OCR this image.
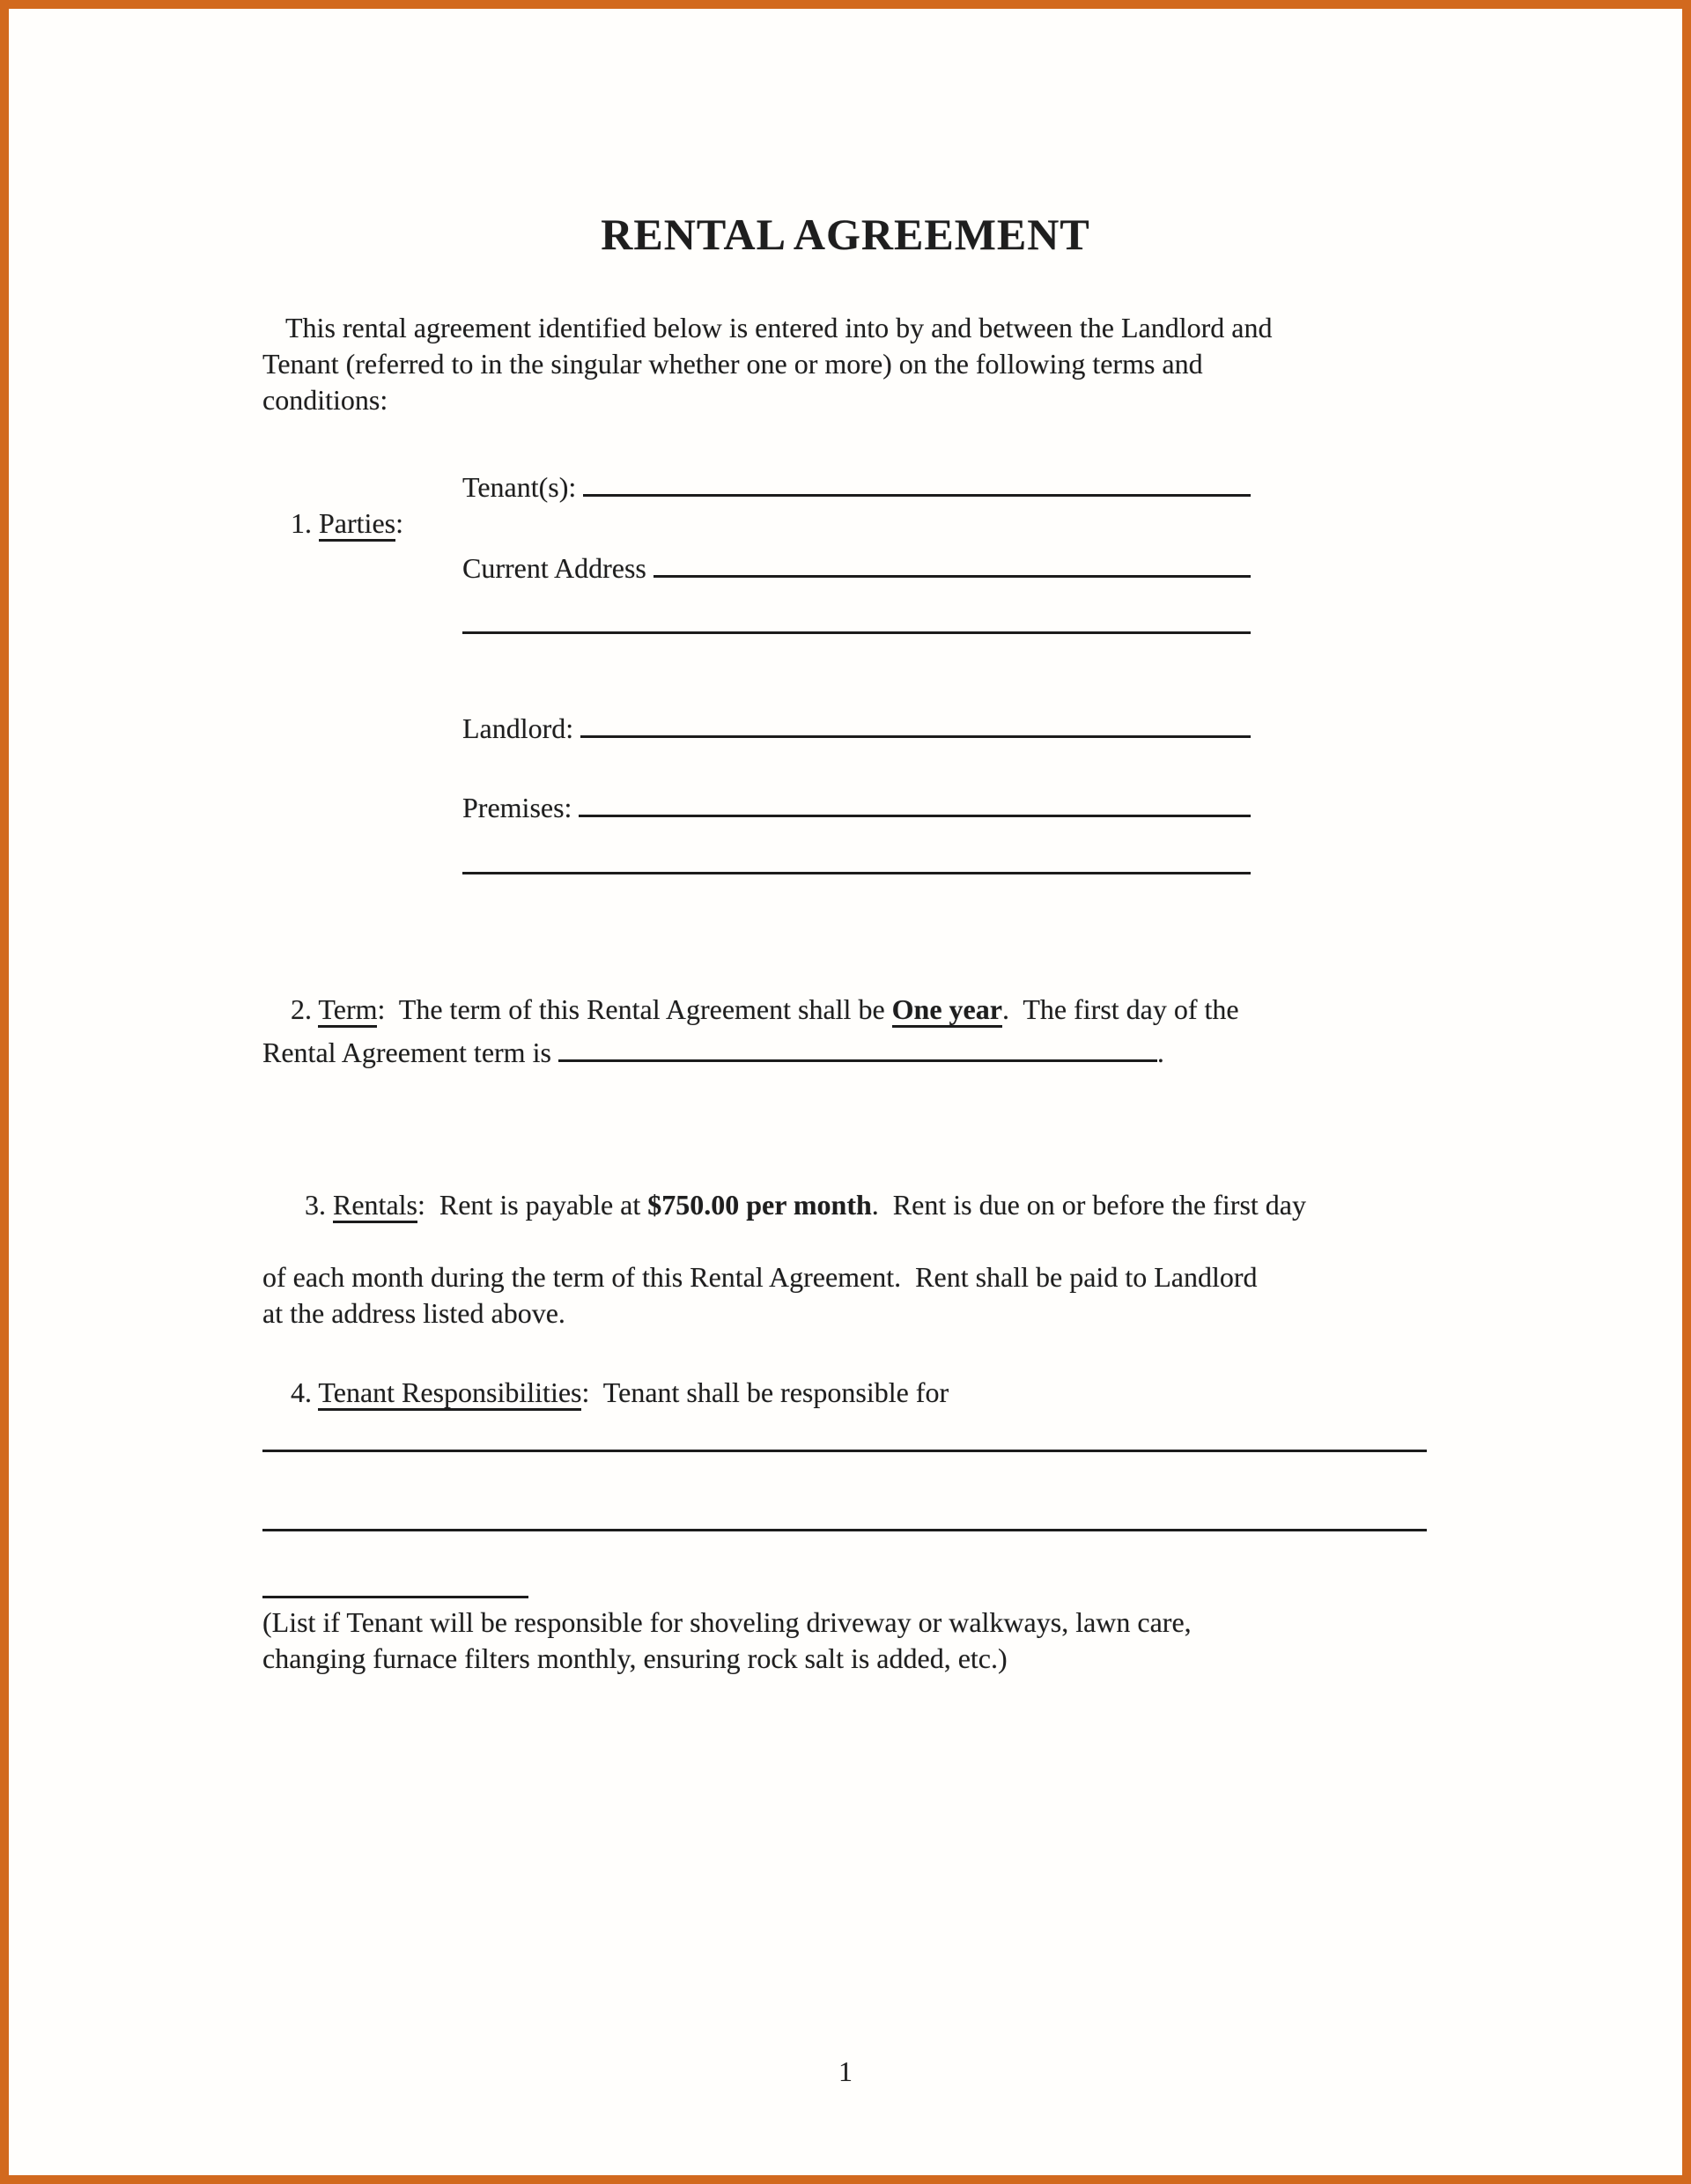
RENTAL AGREEMENT
This rental agreement identified below is entered into by and between the Landlord and
Tenant (referred to in the singular whether one or more) on the following terms and
conditions:

1. Parties:

Tenant(s):
Current Address
Landlord:
Premises:

2. Term:  The term of this Rental Agreement shall be One year.  The first day of the

Rental Agreement term is	.

3. Rentals:  Rent is payable at $750.00 per month.  Rent is due on or before the first day

of each month during the term of this Rental Agreement.  Rent shall be paid to Landlord
at the address listed above.

4. Tenant Responsibilities:  Tenant shall be responsible for

(List if Tenant will be responsible for shoveling driveway or walkways, lawn care,
changing furnace filters monthly, ensuring rock salt is added, etc.)
1
